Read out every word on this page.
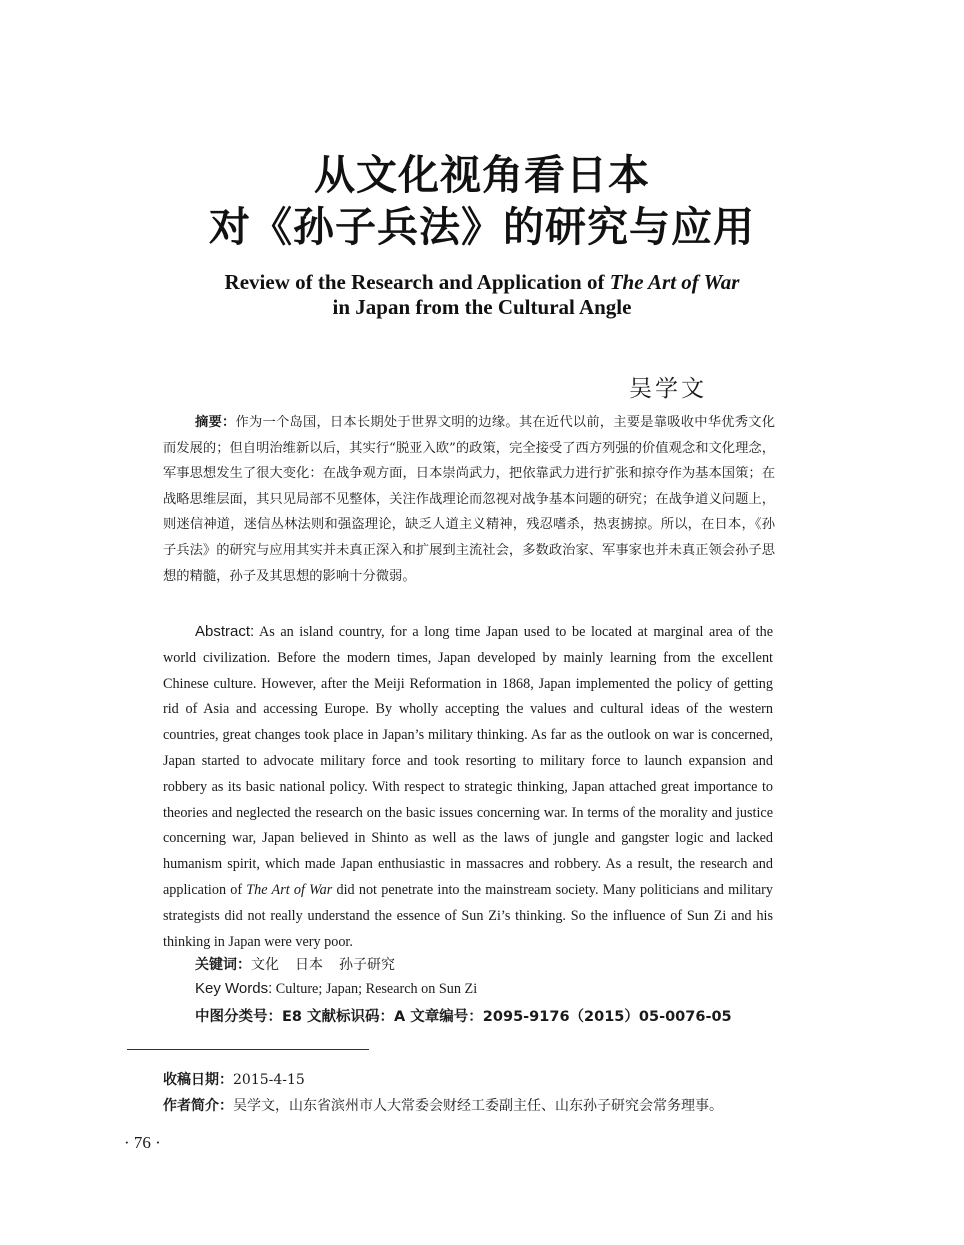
从文化视角看日本
对《孙子兵法》的研究与应用
Review of the Research and Application of The Art of War
in Japan from the Cultural Angle
吴学文
摘要：作为一个岛国，日本长期处于世界文明的边缘。其在近代以前，主要是靠吸收中华优秀文化而发展的；但自明治维新以后，其实行“脱亚入欧”的政策，完全接受了西方列强的价值观念和文化理念，军事思想发生了很大变化：在战争观方面，日本崇尚武力，把依靠武力进行扩张和掠夺作为基本国策；在战略思维层面，其只见局部不见整体，关注作战理论而忽视对战争基本问题的研究；在战争道义问题上，则迷信神道，迷信丛林法则和强盗理论，缺乏人道主义精神，残忍嗜杀，热衷掳掠。所以，在日本，《孙子兵法》的研究与应用其实并未真正深入和扩展到主流社会，多数政治家、军事家也并未真正领会孙子思想的精髓，孙子及其思想的影响十分微弱。
Abstract: As an island country, for a long time Japan used to be located at marginal area of the world civilization. Before the modern times, Japan developed by mainly learning from the excellent Chinese culture. However, after the Meiji Reformation in 1868, Japan implemented the policy of getting rid of Asia and accessing Europe. By wholly accepting the values and cultural ideas of the western countries, great changes took place in Japan’s military thinking. As far as the outlook on war is concerned, Japan started to advocate military force and took resorting to military force to launch expansion and robbery as its basic national policy. With respect to strategic thinking, Japan attached great importance to theories and neglected the research on the basic issues concerning war. In terms of the morality and justice concerning war, Japan believed in Shinto as well as the laws of jungle and gangster logic and lacked humanism spirit, which made Japan enthusiastic in massacres and robbery. As a result, the research and application of The Art of War did not penetrate into the mainstream society. Many politicians and military strategists did not really understand the essence of Sun Zi’s thinking. So the influence of Sun Zi and his thinking in Japan were very poor.
关键词：文化 日本 孙子研究
Key Words: Culture; Japan; Research on Sun Zi
中图分类号：E8 文献标识码：A 文章编号：2095-9176（2015）05-0076-05
收稿日期：2015-4-15
作者简介：吴学文，山东省滨州市人大常委会财经工委副主任、山东孙子研究会常务理事。
· 76 ·
